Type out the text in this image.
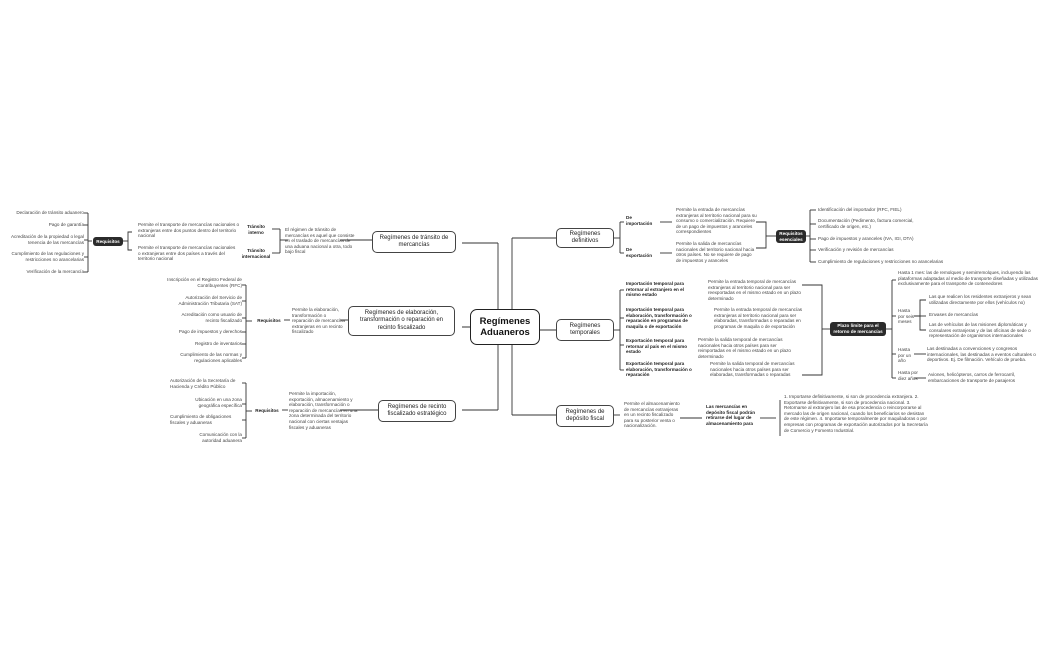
Regímenes Aduaneros
Regímenes de tránsito de mercancías
El régimen de tránsito de mercancías es aquel que consiste en el traslado de mercancías de una aduana nacional a otra, todo bajo fiscal
Tránsito interno
Tránsito internacional
Permite el transporte de mercancías nacionales o extranjeras entre dos puntos dentro del territorio nacional
Permite el transporte de mercancías nacionales o extranjeras entre dos países a través del territorio nacional
Requisitos
Declaración de tránsito aduanero
Pago de garantía
Acreditación de la propiedad o legal tenencia de las mercancías
Cumplimiento de las regulaciones y restricciones no arancelarias
Verificación de la mercancía
Regímenes de elaboración, transformación o reparación en recinto fiscalizado
Permite la elaboración, transformación o reparación de mercancías extranjeras en un recinto fiscalizado
Requisitos
Inscripción en el Registro Federal de Contribuyentes (RFC)
Autorización del Servicio de Administración Tributaria (SAT)
Acreditación como usuario de recinto fiscalizado
Pago de impuestos y derechos
Registro de inventarios
Cumplimiento de las normas y regulaciones aplicables
Regímenes de recinto fiscalizado estratégico
Permite la importación, exportación, almacenamiento y elaboración, transformación o reparación de mercancías en una zona determinada del territorio nacional con ciertas ventajas fiscales y aduaneras
Requisitos
Autorización de la Secretaría de Hacienda y Crédito Público
Ubicación en una zona geográfica específica
Cumplimiento de obligaciones fiscales y aduaneras
Comunicación con la autoridad aduanera
Regímenes definitivos
De importación
De exportación
Permite la entrada de mercancías extranjeras al territorio nacional para su consumo o comercialización. Requiere de un pago de impuestos y aranceles correspondientes
Permite la salida de mercancías nacionales del territorio nacional hacia otros países. No se requiere de pago de impuestos y aranceles
Requisitos esenciales
Identificación del importador (RFC, FIEL)
Documentación (Pedimento, factura comercial, certificado de origen, etc.)
Pago de impuestos y aranceles (IVA, IGI, DTA)
Verificación y revisión de mercancías
Cumplimiento de regulaciones y restricciones no arancelarias
Regímenes temporales
Importación temporal para retornar al extranjero en el mismo estado
Importación temporal para elaboración, transformación o reparación en programas de maquila o de exportación
Exportación temporal para retornar al país en el mismo estado
Exportación temporal para elaboración, transformación o reparación
Permite la entrada temporal de mercancías extranjeras al territorio nacional para ser reexportadas en el mismo estado en un plazo determinado
Permite la entrada temporal de mercancías extranjeras al territorio nacional para ser elaboradas, transformadas o reparadas en programas de maquila o de exportación
Permite la salida temporal de mercancías nacionales hacia otros países para ser reimportadas en el mismo estado en un plazo determinado
Permite la salida temporal de mercancías nacionales hacia otros países para ser elaboradas, transformadas o reparadas
Plazo límite para el retorno de mercancías
Hasta 1 mes: las de remolques y semirremolques, incluyendo las plataformas adaptadas al medio de transporte diseñadas y utilizadas exclusivamente para el transporte de contenedores
Hasta por seis meses
Las que realicen los residentes extranjeros y sean utilizadas directamente por ellos (vehículos no)
Envases de mercancías
Las de vehículos de las misiones diplomáticas y consulares extranjeras y de las oficinas de sede o representación de organismos internacionales
Hasta por un año
Las destinadas a convenciones y congresos internacionales, las destinadas a eventos culturales o deportivos. Ej. De filmación. Vehículo de prueba.
Hasta por diez años
Aviones, helicópteros, carros de ferrocarril, embarcaciones de transporte de pasajeros
Regímenes de depósito fiscal
Permite el almacenamiento de mercancías extranjeras en un recinto fiscalizado para su posterior venta o nacionalización.
Las mercancías en depósito fiscal podrán retirarse del lugar de almacenamiento para
1. Importarse definitivamente, si son de procedencia extranjera. 2. Exportarse definitivamente, si son de procedencia nacional. 3. Retornarse al extranjero las de esa procedencia o reincorporarse al mercado las de origen nacional, cuando los beneficiarios se desistan de este régimen. 4. Importarse temporalmente por maquiladoras o por empresas con programas de exportación autorizados por la Secretaría de Comercio y Fomento Industrial.
